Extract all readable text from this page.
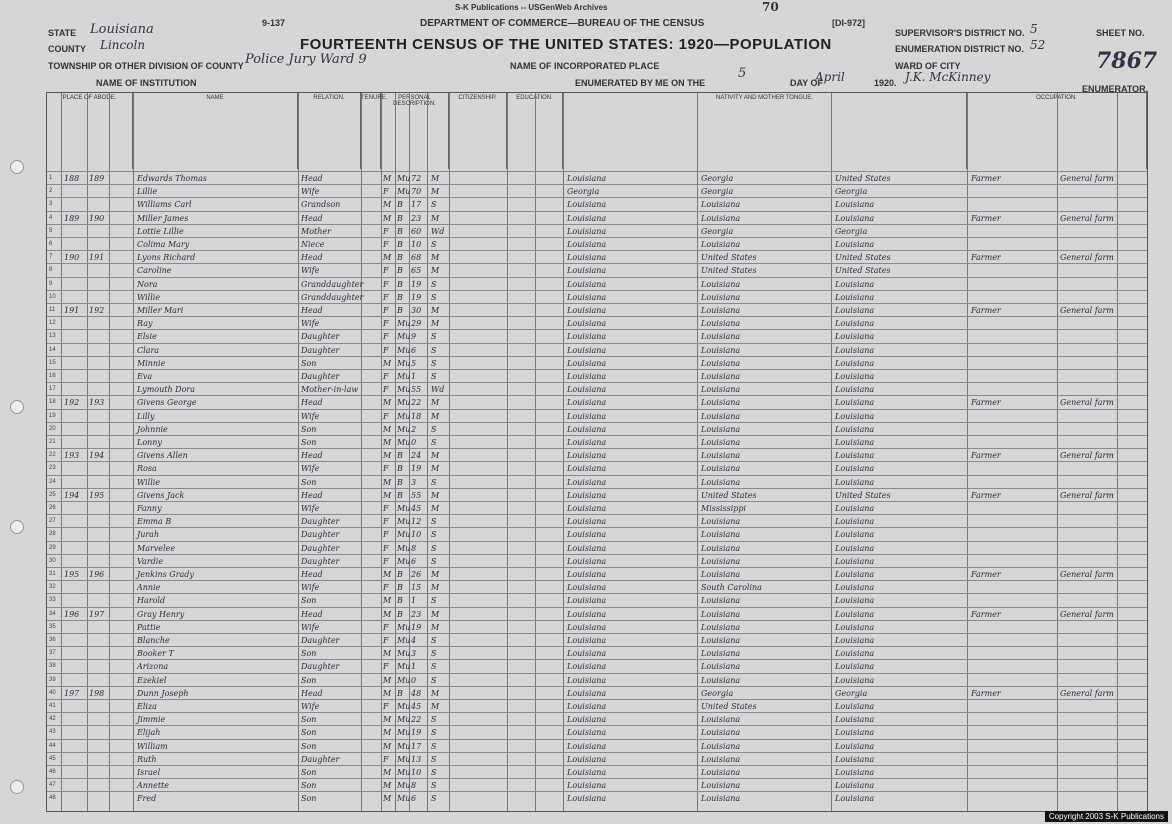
S-K Publications -- USGenWeb Archives	70
9-137	DEPARTMENT OF COMMERCE—BUREAU OF THE CENSUS	[DI-972]
FOURTEENTH CENSUS OF THE UNITED STATES: 1920—POPULATION
STATE Louisiana
COUNTY Lincoln
TOWNSHIP OR OTHER DIVISION OF COUNTY Police Jury Ward 9
NAME OF INSTITUTION
NAME OF INCORPORATED PLACE
ENUMERATED BY ME ON THE
5
DAY OF
April	1920. J.K. McKinney
ENUMERATOR.
SUPERVISOR'S DISTRICT NO. 5
ENUMERATION DISTRICT NO. 52
SHEET NO.
7867
WARD OF CITY
PLACE OF ABODE.	NAME	RELATION.	TENURE.	PERSONAL DESCRIPTION.
CITIZENSHIP.	EDUCATION.	NATIVITY AND MOTHER TONGUE.	OCCUPATION.
1 188 189	Edwards Thomas	Head	M Mu 72 M	Louisiana	Georgia	United States	Farmer	General farm
2	Lillie	Wife	F Mu 70 M	Georgia	Georgia	Georgia
3	Williams Carl	Grandson	M B 17 S	Louisiana	Louisiana	Louisiana
4 189 190	Miller James	Head	M B 23 M	Louisiana	Louisiana	Louisiana	Farmer	General farm
5	Lottie Lillie	Mother	F B 60 Wd	Louisiana	Georgia	Georgia
6	Colima Mary	Niece	F B 10 S	Louisiana	Louisiana	Louisiana
7 190 191	Lyons Richard	Head	M B 68 M	Louisiana	United States	United States	Farmer	General farm
8	Caroline	Wife	F B 65 M	Louisiana	United States	United States
9	Nora	Granddaughter F B 19 S	Louisiana	Louisiana	Louisiana
10	Willie	Granddaughter F B 19 S	Louisiana	Louisiana	Louisiana
11 191 192	Miller Mari	Head	F B 30 M	Louisiana	Louisiana	Louisiana	Farmer	General farm
12	Ray	Wife	F Mu 29 M	Louisiana	Louisiana	Louisiana
13	Elsie	Daughter	F Mu 9 S	Louisiana	Louisiana	Louisiana
14	Clara	Daughter	F Mu 6 S	Louisiana	Louisiana	Louisiana
15	Minnie	Son	M Mu 5 S	Louisiana	Louisiana	Louisiana
16	Eva	Daughter	F Mu 1 S	Louisiana	Louisiana	Louisiana
17	Lymouth Dora	Mother-in-law	F Mu 55 Wd	Louisiana	Louisiana	Louisiana
18 192 193	Givens George	Head	M Mu 22 M	Louisiana	Louisiana	Louisiana	Farmer	General farm
19	Lilly	Wife	F Mu 18 M	Louisiana	Louisiana	Louisiana
20	Johnnie	Son	M Mu 2 S	Louisiana	Louisiana	Louisiana
21	Lonny	Son	M Mu 0 S	Louisiana	Louisiana	Louisiana
22 193 194	Givens Allen	Head	M B 24 M	Louisiana	Louisiana	Louisiana	Farmer	General farm
23	Rosa	Wife	F B 19 M	Louisiana	Louisiana	Louisiana
24	Willie	Son	M B 3 S	Louisiana	Louisiana	Louisiana
25 194 195	Givens Jack	Head	M B 55 M	Louisiana	United States	United States	Farmer	General farm
26	Fanny	Wife	F Mu 45 M	Louisiana	Mississippi	Louisiana
27	Emma B	Daughter	F Mu 12 S	Louisiana	Louisiana	Louisiana
28	Jurah	Daughter	F Mu 10 S	Louisiana	Louisiana	Louisiana
29	Marvelee	Daughter	F Mu 8 S	Louisiana	Louisiana	Louisiana
30	Vardie	Daughter	F Mu 6 S	Louisiana	Louisiana	Louisiana
31 195 196	Jenkins Grady	Head	M B 26 M	Louisiana	Louisiana	Louisiana	Farmer	General farm
32	Annie	Wife	F B 15 M	Louisiana	South Carolina	Louisiana
33	Harold	Son	M B 1 S	Louisiana	Louisiana	Louisiana
34 196 197	Gray Henry	Head	M B 23 M	Louisiana	Louisiana	Louisiana	Farmer	General farm
35	Pattie	Wife	F Mu 19 M	Louisiana	Louisiana	Louisiana
36	Blanche	Daughter	F Mu 4 S	Louisiana	Louisiana	Louisiana
37	Booker T	Son	M Mu 3 S	Louisiana	Louisiana	Louisiana
38	Arizona	Daughter	F Mu 1 S	Louisiana	Louisiana	Louisiana
39	Ezekiel	Son	M Mu 0 S	Louisiana	Louisiana	Louisiana
40 197 198	Dunn Joseph	Head	M B 48 M	Louisiana	Georgia	Georgia	Farmer	General farm
41	Eliza	Wife	F Mu 45 M	Louisiana	United States	Louisiana
42	Jimmie	Son	M Mu 22 S	Louisiana	Louisiana	Louisiana
43	Elijah	Son	M Mu 19 S	Louisiana	Louisiana	Louisiana
44	William	Son	M Mu 17 S	Louisiana	Louisiana	Louisiana
45	Ruth	Daughter	F Mu 13 S	Louisiana	Louisiana	Louisiana
46	Israel	Son	M Mu 10 S	Louisiana	Louisiana	Louisiana
47	Annette	Son	M Mu 8 S	Louisiana	Louisiana	Louisiana
48	Fred	Son	M Mu 6 S	Louisiana	Louisiana	Louisiana
Copyright 2003 S-K Publications
